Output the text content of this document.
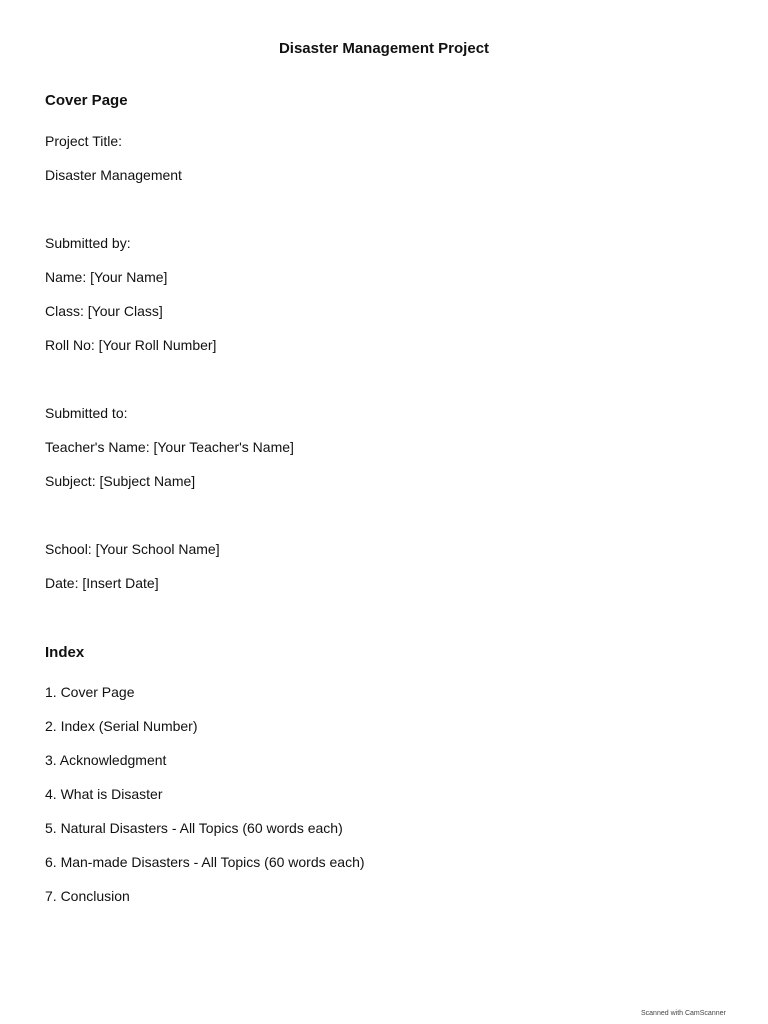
Disaster Management Project
Cover Page
Project Title:
Disaster Management
Submitted by:
Name: [Your Name]
Class: [Your Class]
Roll No: [Your Roll Number]
Submitted to:
Teacher's Name: [Your Teacher's Name]
Subject: [Subject Name]
School: [Your School Name]
Date: [Insert Date]
Index
1. Cover Page
2. Index (Serial Number)
3. Acknowledgment
4. What is Disaster
5. Natural Disasters - All Topics (60 words each)
6. Man-made Disasters - All Topics (60 words each)
7. Conclusion
Scanned with CamScanner
